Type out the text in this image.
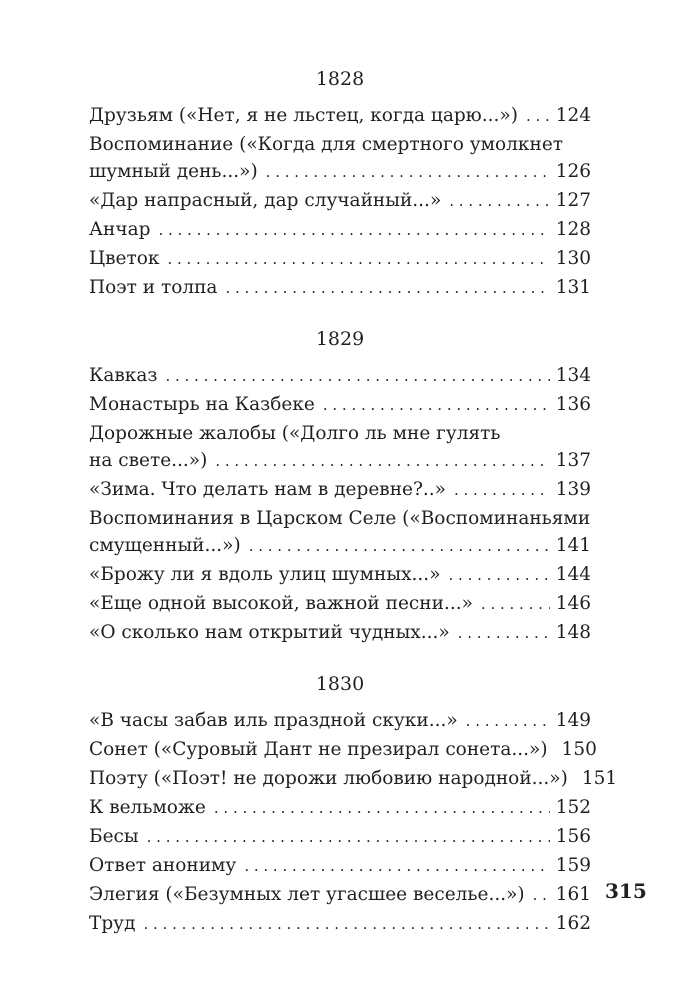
1828
Друзьям («Нет, я не льстец, когда царю...») . . . 124
Воспоминание («Когда для смертного умолкнет
шумный день...») . . .	126
«Дар напрасный, дар случайный...» . . .	127
Анчар . . .	128
Цветок . . .	130
Поэт и толпа . . .	131
1829
Кавказ . . .	134
Монастырь на Казбеке . . .	136
Дорожные жалобы («Долго ль мне гулять
на свете...») . . .	137
«Зима. Что делать нам в деревне?..» . . .	139
Воспоминания в Царском Селе («Воспоминаньями
смущенный...») . . .	141
«Брожу ли я вдоль улиц шумных...» . . .	144
«Еще одной высокой, важной песни...» . . .	146
«О сколько нам открытий чудных...» . . .	148
1830
«В часы забав иль праздной скуки...» . . .	149
Сонет («Суровый Дант не презирал сонета...») 150
Поэту («Поэт! не дорожи любовию народной...») 151
К вельможе . . .	152
Бесы . . .	156
Ответ анониму . . .	159
Элегия («Безумных лет угасшее веселье...») . . . 161
Труд . . .	162
315
